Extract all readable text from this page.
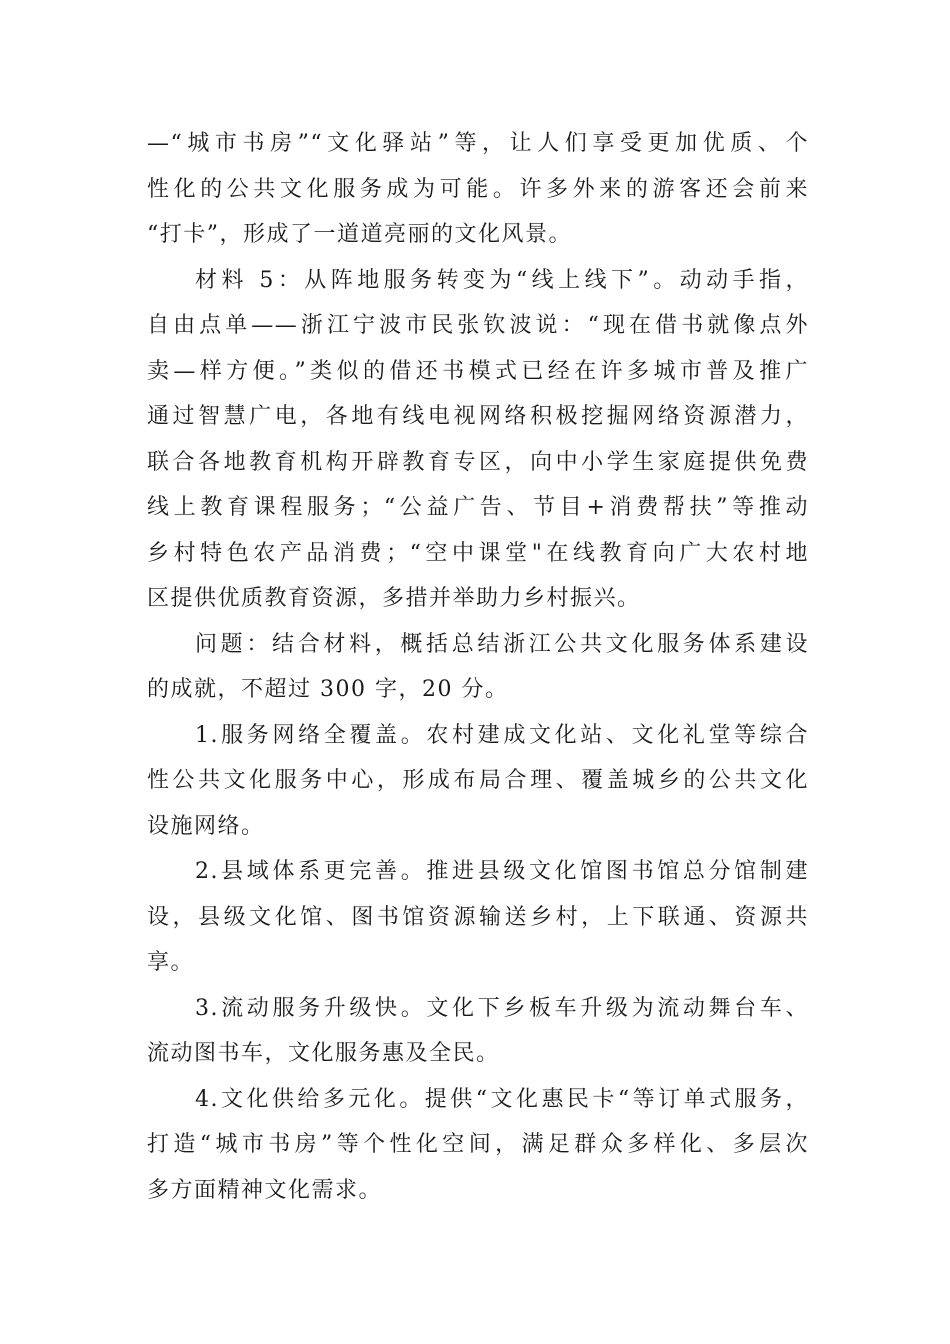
—“城市书房”“文化驿站”等，让人们享受更加优质、个
性化的公共文化服务成为可能。许多外来的游客还会前来
“打卡”，形成了一道道亮丽的文化风景。
材料 5：从阵地服务转变为“线上线下”。动动手指，
自由点单——浙江宁波市民张钦波说：“现在借书就像点外
卖—样方便。”类似的借还书模式已经在许多城市普及推广
通过智慧广电，各地有线电视网络积极挖掘网络资源潜力，
联合各地教育机构开辟教育专区，向中小学生家庭提供免费
线上教育课程服务；“公益广告、节目+消费帮扶”等推动
乡村特色农产品消费；“空中课堂"在线教育向广大农村地
区提供优质教育资源，多措并举助力乡村振兴。
问题：结合材料，概括总结浙江公共文化服务体系建设
的成就，不超过 300 字，20 分。
1.服务网络全覆盖。农村建成文化站、文化礼堂等综合
性公共文化服务中心，形成布局合理、覆盖城乡的公共文化
设施网络。
2.县域体系更完善。推进县级文化馆图书馆总分馆制建
设，县级文化馆、图书馆资源输送乡村，上下联通、资源共
享。
3.流动服务升级快。文化下乡板车升级为流动舞台车、
流动图书车，文化服务惠及全民。
4.文化供给多元化。提供“文化惠民卡“等订单式服务，
打造“城市书房”等个性化空间，满足群众多样化、多层次
多方面精神文化需求。
